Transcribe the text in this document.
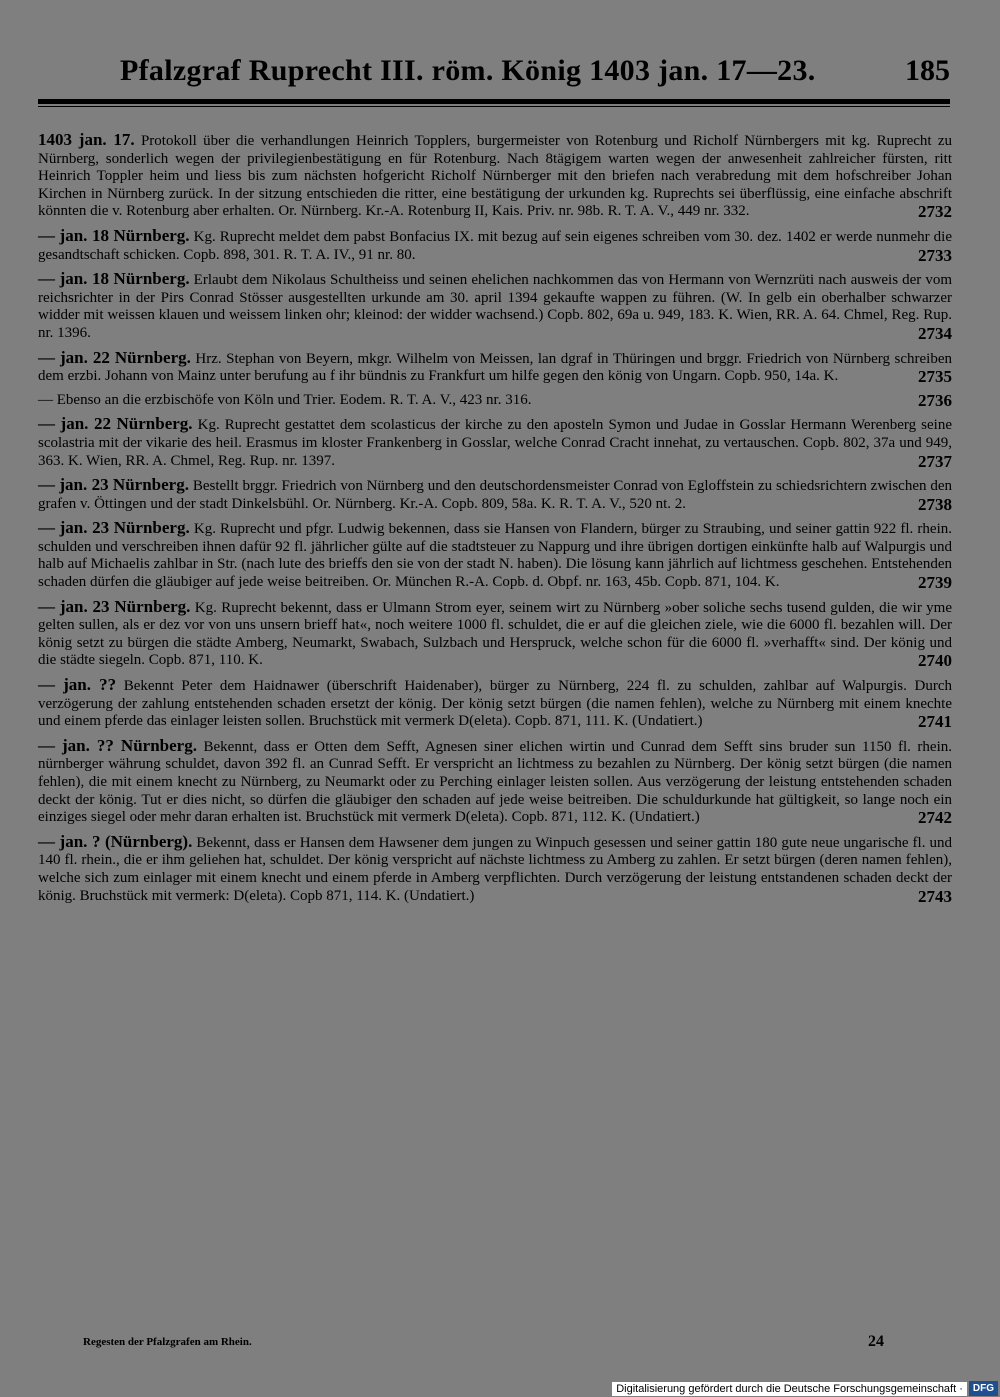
Pfalzgraf Ruprecht III. röm. König 1403 jan. 17—23.	185
1403 jan. 17. Protokoll über die verhandlungen Heinrich Topplers, burgermeister von Rotenburg und Richolf Nürnbergers mit kg. Ruprecht zu Nürnberg, sonderlich wegen der privilegienbestätigung en für Rotenburg. Nach 8tägigem warten wegen der anwesenheit zahlreicher fürsten, ritt Heinrich Toppler heim und liess bis zum nächsten hofgericht Richolf Nürnberger mit den briefen nach verabredung mit dem hofschreiber Johan Kirchen in Nürnberg zurück. In der sitzung entschieden die ritter, eine bestätigung der urkunden kg. Ruprechts sei überflüssig, eine einfache abschrift könnten die v. Rotenburg aber erhalten. Or. Nürnberg. Kr.-A. Rotenburg II, Kais. Priv. nr. 98b. R. T. A. V., 449 nr. 332.	2732
— jan. 18 Nürnberg. Kg. Ruprecht meldet dem pabst Bonfacius IX. mit bezug auf sein eigenes schreiben vom 30. dez. 1402 er werde nunmehr die gesandtschaft schicken. Copb. 898, 301. R. T. A. IV., 91 nr. 80.	2733
— jan. 18 Nürnberg. Erlaubt dem Nikolaus Schultheiss und seinen ehelichen nachkommen das von Hermann von Wernzrüti nach ausweis der vom reichsrichter in der Pirs Conrad Stösser ausgestellten urkunde am 30. april 1394 gekaufte wappen zu führen. (W. In gelb ein oberhalber schwarzer widder mit weissen klauen und weissem linken ohr; kleinod: der widder wachsend.) Copb. 802, 69a u. 949, 183. K. Wien, RR. A. 64. Chmel, Reg. Rup. nr. 1396.	2734
— jan. 22 Nürnberg. Hrz. Stephan von Beyern, mkgr. Wilhelm von Meissen, lan dgraf in Thüringen und brggr. Friedrich von Nürnberg schreiben dem erzbi. Johann von Mainz unter berufung au f ihr bündnis zu Frankfurt um hilfe gegen den könig von Ungarn. Copb. 950, 14a. K.	2735
— Ebenso an die erzbischöfe von Köln und Trier. Eodem. R. T. A. V., 423 nr. 316.	2736
— jan. 22 Nürnberg. Kg. Ruprecht gestattet dem scolasticus der kirche zu den aposteln Symon und Judae in Gosslar Hermann Werenberg seine scolastria mit der vikarie des heil. Erasmus im kloster Frankenberg in Gosslar, welche Conrad Cracht innehat, zu vertauschen. Copb. 802, 37a und 949, 363. K. Wien, RR. A. Chmel, Reg. Rup. nr. 1397.	2737
— jan. 23 Nürnberg. Bestellt brggr. Friedrich von Nürnberg und den deutschordensmeister Conrad von Egloffstein zu schiedsrichtern zwischen den grafen v. Öttingen und der stadt Dinkelsbühl. Or. Nürnberg. Kr.-A. Copb. 809, 58a. K. R. T. A. V., 520 nt. 2.	2738
— jan. 23 Nürnberg. Kg. Ruprecht und pfgr. Ludwig bekennen, dass sie Hansen von Flandern, bürger zu Straubing, und seiner gattin 922 fl. rhein. schulden und verschreiben ihnen dafür 92 fl. jährlicher gülte auf die stadtsteuer zu Nappurg und ihre übrigen dortigen einkünfte halb auf Walpurgis und halb auf Michaelis zahlbar in Str. (nach lute des brieffs den sie von der stadt N. haben). Die lösung kann jährlich auf lichtmess geschehen. Entstehenden schaden dürfen die gläubiger auf jede weise beitreiben. Or. München R.-A. Copb. d. Obpf. nr. 163, 45b. Copb. 871, 104. K.	2739
— jan. 23 Nürnberg. Kg. Ruprecht bekennt, dass er Ulmann Strom eyer, seinem wirt zu Nürnberg »ober soliche sechs tusend gulden, die wir yme gelten sullen, als er dez vor von uns unsern brieff hat«, noch weitere 1000 fl. schuldet, die er auf die gleichen ziele, wie die 6000 fl. bezahlen will. Der könig setzt zu bürgen die städte Amberg, Neumarkt, Swabach, Sulzbach und Herspruck, welche schon für die 6000 fl. »verhafft« sind. Der könig und die städte siegeln. Copb. 871, 110. K.	2740
— jan. ?? Bekennt Peter dem Haidnawer (überschrift Haidenaber), bürger zu Nürnberg, 224 fl. zu schulden, zahlbar auf Walpurgis. Durch verzögerung der zahlung entstehenden schaden ersetzt der könig. Der könig setzt bürgen (die namen fehlen), welche zu Nürnberg mit einem knechte und einem pferde das einlager leisten sollen. Bruchstück mit vermerk D(eleta). Copb. 871, 111. K. (Undatiert.)	2741
— jan. ?? Nürnberg. Bekennt, dass er Otten dem Sefft, Agnesen siner elichen wirtin und Cunrad dem Sefft sins bruder sun 1150 fl. rhein. nürnberger währung schuldet, davon 392 fl. an Cunrad Sefft. Er verspricht an lichtmess zu bezahlen zu Nürnberg. Der könig setzt bürgen (die namen fehlen), die mit einem knecht zu Nürnberg, zu Neumarkt oder zu Perching einlager leisten sollen. Aus verzögerung der leistung entstehenden schaden deckt der könig. Tut er dies nicht, so dürfen die gläubiger den schaden auf jede weise beitreiben. Die schuldurkunde hat gültigkeit, so lange noch ein einziges siegel oder mehr daran erhalten ist. Bruchstück mit vermerk D(eleta). Copb. 871, 112. K. (Undatiert.)	2742
— jan. ? (Nürnberg). Bekennt, dass er Hansen dem Hawsener dem jungen zu Winpuch gesessen und seiner gattin 180 gute neue ungarische fl. und 140 fl. rhein., die er ihm geliehen hat, schuldet. Der könig verspricht auf nächste lichtmess zu Amberg zu zahlen. Er setzt bürgen (deren namen fehlen), welche sich zum einlager mit einem knecht und einem pferde in Amberg verpflichten. Durch verzögerung der leistung entstandenen schaden deckt der könig. Bruchstück mit vermerk: D(eleta). Copb 871, 114. K. (Undatiert.)	2743
Regesten der Pfalzgrafen am Rhein.	24
Digitalisierung gefördert durch die Deutsche Forschungsgemeinschaft ·	DFG
